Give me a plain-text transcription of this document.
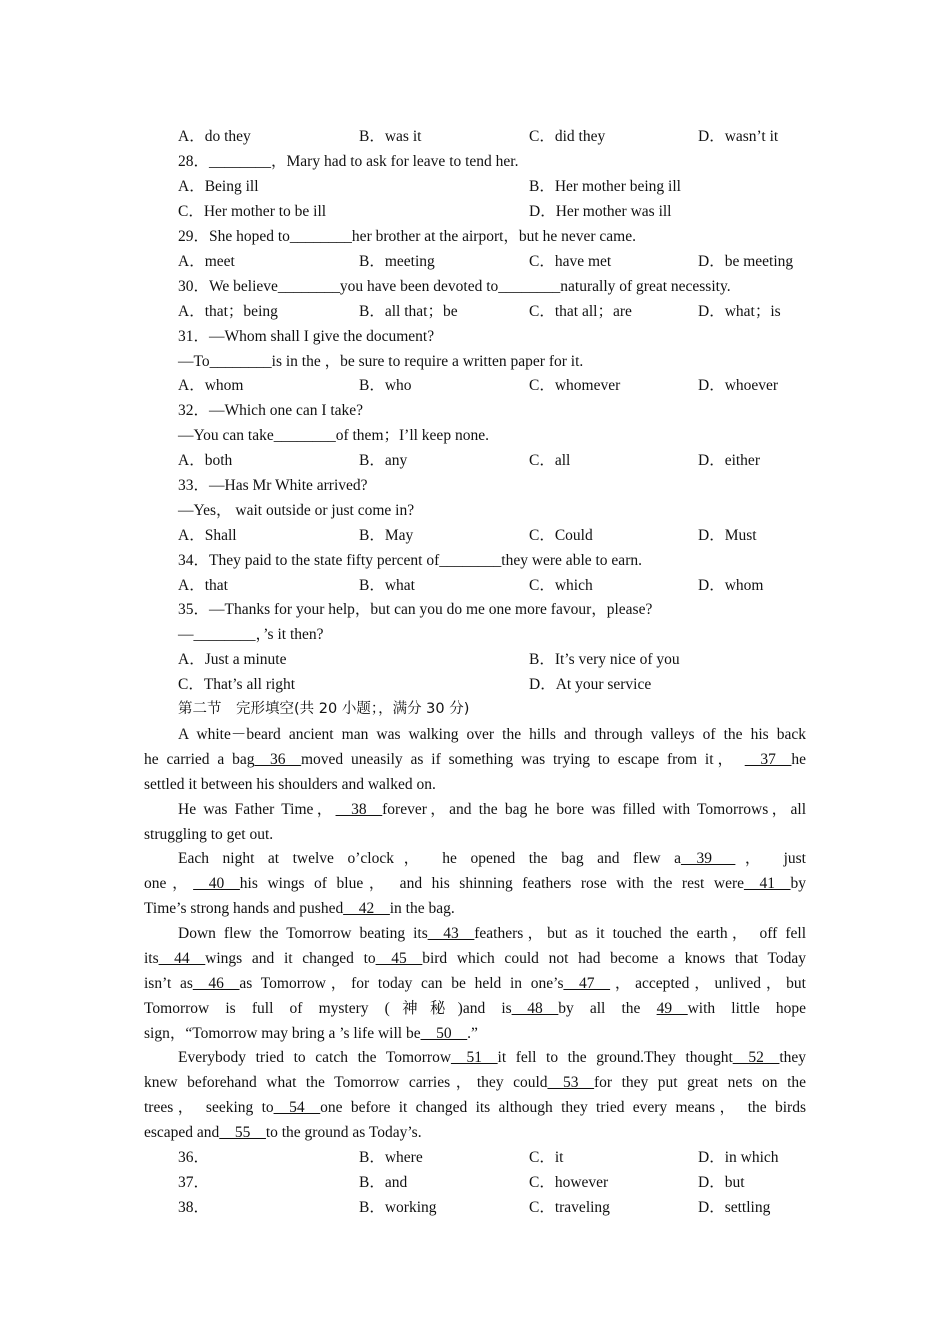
A．do they	B．was it	C．did they	D．wasn’t it
28．________，Mary had to ask for leave to tend her.
A．Being ill	B．Her mother being ill
C．Her mother to be ill	D．Her mother was ill
29．She hoped to________her brother at the airport，but he never came.
A．meet	B．meeting	C．have met	D．be meeting
30．We believe________you have been devoted to________naturally of great necessity.
A．that；being	B．all that；be	C．that all；are	D．what；is
31．—Whom shall I give the document?
—To________is in the ，be sure to require a written paper for it.
A．whom	B．who	C．whomever	D．whoever
32．—Which one can I take?
—You can take________of them；I’ll keep none.
A．both	B．any	C．all	D．either
33．—Has Mr White arrived?
—Yes， wait outside or just come in?
A．Shall	B．May	C．Could	D．Must
34．They paid to the state fifty percent of________they were able to earn.
A．that	B．what	C．which	D．whom
35．—Thanks for your help，but can you do me one more favour，please?
—________，’s it then?
A．Just a minute	B．It’s very nice of you
C．That’s all right	D．At your service
第二节　完形填空(共 20 小题；，满分 30 分)
A white－beard ancient man was walking over the hills and through valleys of the his back
he carried a bag__36__moved uneasily as if something was trying to escape from it， __37__he
settled it between his shoulders and walked on.
He was Father Time，__38__forever，and the bag he bore was filled with Tomorrows，all
struggling to get out.
Each night at twelve o’clock， he opened the bag and flew a__39___， just
one，__40__his wings of blue， and his shinning feathers rose with the rest were__41__by
Time’s strong hands and pushed__42__in the bag.
Down flew the Tomorrow beating its__43__feathers，but as it touched the earth， off fell
its__44__wings and it changed to__45__bird which could not had become a knows that Today
isn’t as__46__as Tomorrow，for today can be held in one’s__47__，accepted，unlived，but
Tomorrow is full of mystery (神秘)and is__48__by all the 49__with little hope
sign，“Tomorrow may bring a ’s life will be__50__.”
Everybody tried to catch the Tomorrow__51__it fell to the ground.They thought__52__they
knew beforehand what the Tomorrow carries，they could__53__for they put great nets on the
trees， seeking to__54__one before it changed its although they tried every means， the birds
escaped and__55__to the ground as Today’s.
36．	B．where	C．it	D．in which
37．	B．and	C．however	D．but
38．	B．working	C．traveling	D．settling
